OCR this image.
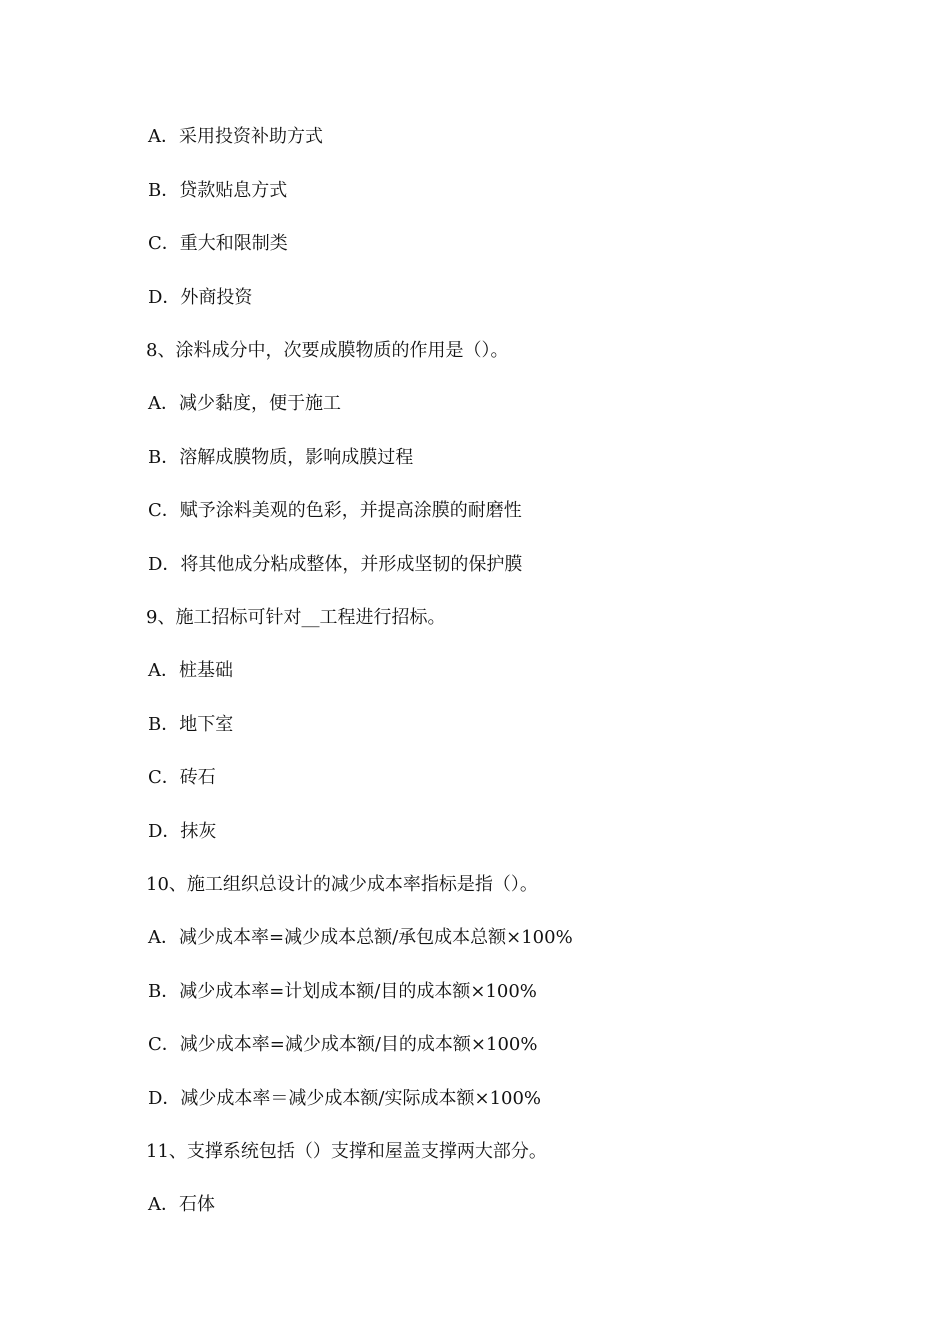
A．采用投资补助方式
B．贷款贴息方式
C．重大和限制类
D．外商投资
8、涂料成分中，次要成膜物质的作用是（）。
A．减少黏度，便于施工
B．溶解成膜物质，影响成膜过程
C．赋予涂料美观的色彩，并提高涂膜的耐磨性
D．将其他成分粘成整体，并形成坚韧的保护膜
9、施工招标可针对__工程进行招标。
A．桩基础
B．地下室
C．砖石
D．抹灰
10、施工组织总设计的减少成本率指标是指（）。
A．减少成本率=减少成本总额/承包成本总额×100%
B．减少成本率=计划成本额/目的成本额×100%
C．减少成本率=减少成本额/目的成本额×100%
D．减少成本率＝减少成本额/实际成本额×100%
11、支撑系统包括（）支撑和屋盖支撑两大部分。
A．石体
